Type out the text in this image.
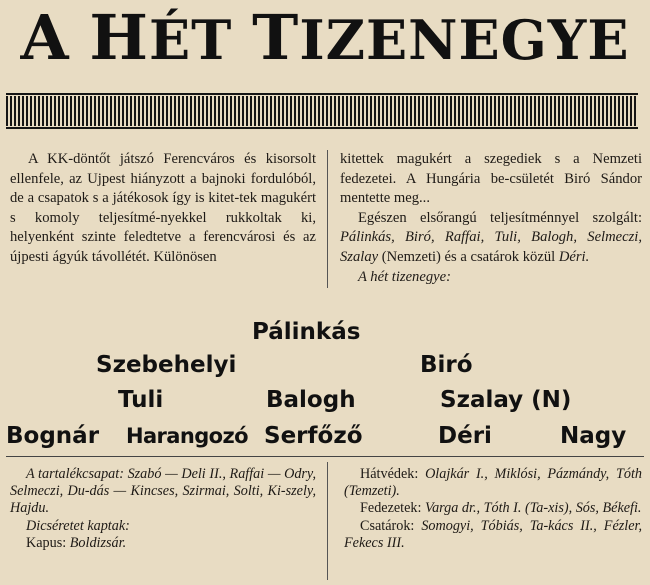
A HÉT TIZENEGYE

A KK-döntőt játszó Ferencváros és kisorsolt ellenfele, az Ujpest hiányzott a bajnoki fordulóból, de a csapatok s a játékosok így is kitet-tek magukért s komoly teljesítmé-nyekkel rukkoltak ki, helyenként szinte feledtetve a ferencvárosi és az újpesti ágyúk távollétét. Különösen

kitettek magukért a szegediek s a Nemzeti fedezetei. A Hungária be-csületét Biró Sándor mentette meg...

Egészen elsőrangú teljesítménnyel szolgált: Pálinkás, Biró, Raffai, Tuli, Balogh, Selmeczi, Szalay (Nemzeti) és a csatárok közül Déri.

A hét tizenegye:

Pálinkás
Szebehelyi	Biró
Tuli	Balogh	Szalay (N)
Bognár Harangozó Serfőző	Déri	Nagy

A tartalékcsapat: Szabó — Deli II., Raffai — Odry, Selmeczi, Du-dás — Kincses, Szirmai, Solti, Ki-szely, Hajdu.

Dicséretet kaptak:

Kapus: Boldizsár.

Hátvédek: Olajkár I., Miklósi, Pázmándy, Tóth (Temzeti).

Fedezetek: Varga dr., Tóth I. (Ta-xis), Sós, Békefi.

Csatárok: Somogyi, Tóbiás, Ta-kács II., Fézler, Fekecs III.
